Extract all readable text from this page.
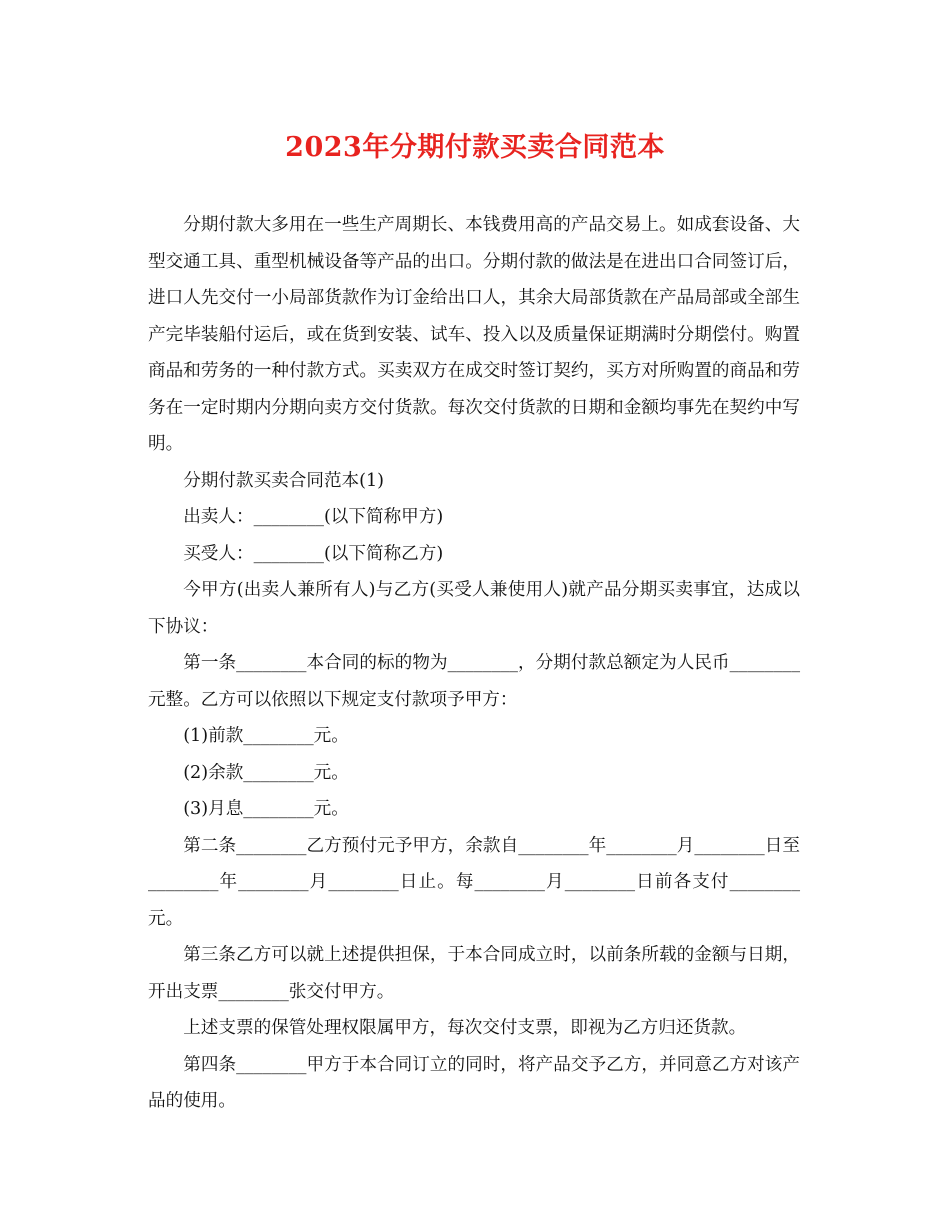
2023年分期付款买卖合同范本

分期付款大多用在一些生产周期长、本钱费用高的产品交易上。如成套设备、大型交通工具、重型机械设备等产品的出口。分期付款的做法是在进出口合同签订后，进口人先交付一小局部货款作为订金给出口人，其余大局部货款在产品局部或全部生产完毕装船付运后，或在货到安装、试车、投入以及质量保证期满时分期偿付。购置商品和劳务的一种付款方式。买卖双方在成交时签订契约，买方对所购置的商品和劳务在一定时期内分期向卖方交付货款。每次交付货款的日期和金额均事先在契约中写明。

分期付款买卖合同范本(1)

出卖人：________(以下简称甲方)

买受人：________(以下简称乙方)

今甲方(出卖人兼所有人)与乙方(买受人兼使用人)就产品分期买卖事宜，达成以下协议：

第一条________本合同的标的物为________，分期付款总额定为人民币________元整。乙方可以依照以下规定支付款项予甲方：

(1)前款________元。

(2)余款________元。

(3)月息________元。

第二条________乙方预付元予甲方，余款自________年________月________日至________年________月________日止。每________月________日前各支付________元。

第三条乙方可以就上述提供担保，于本合同成立时，以前条所载的金额与日期，开出支票________张交付甲方。

上述支票的保管处理权限属甲方，每次交付支票，即视为乙方归还货款。

第四条________甲方于本合同订立的同时，将产品交予乙方，并同意乙方对该产品的使用。
